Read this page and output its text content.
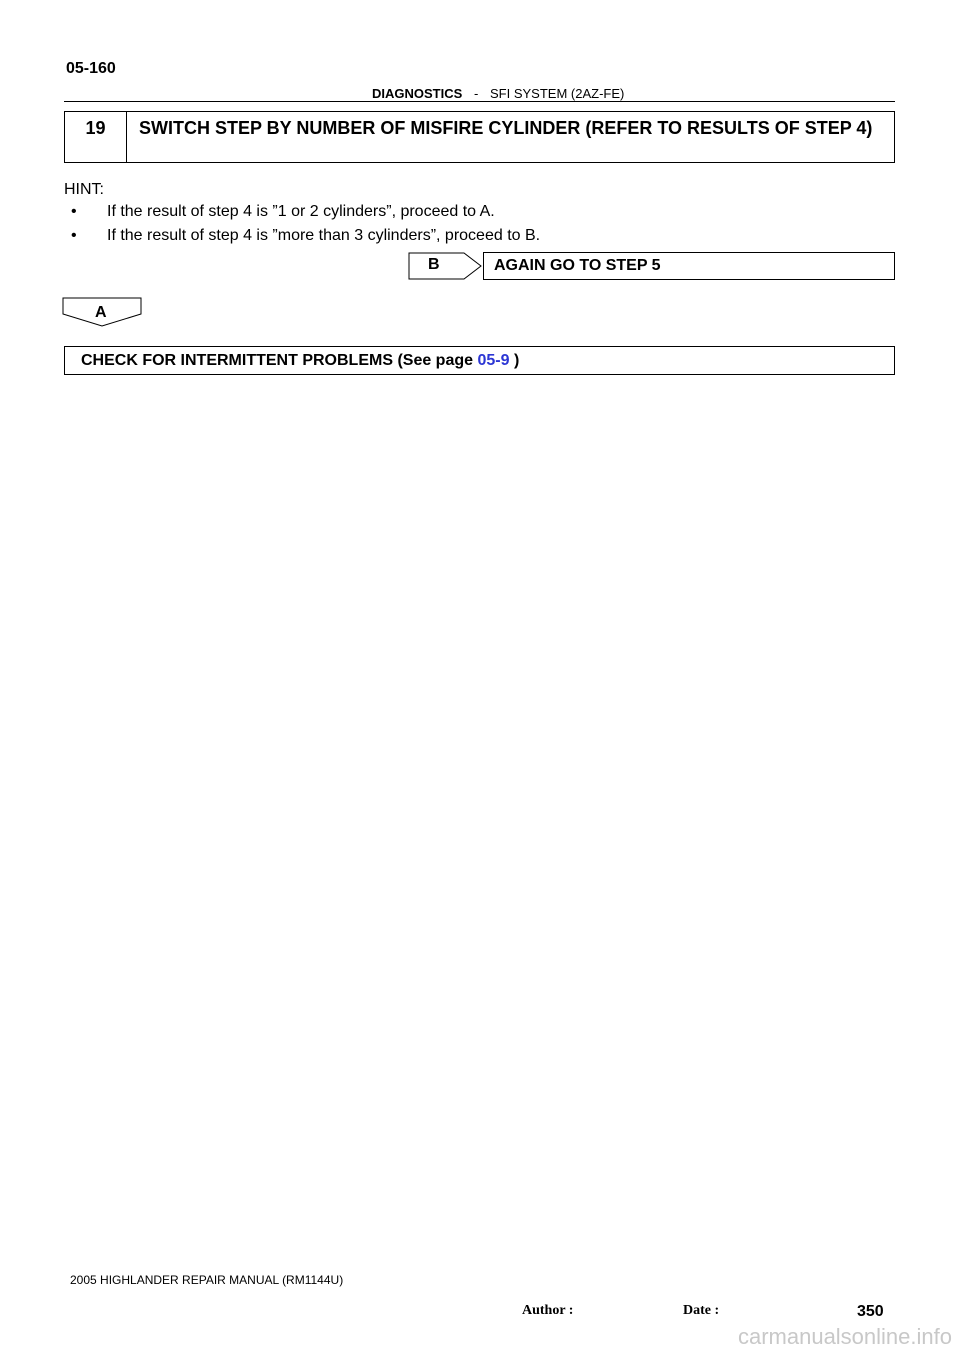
05-160
DIAGNOSTICS - SFI SYSTEM (2AZ-FE)
19	SWITCH STEP BY NUMBER OF MISFIRE CYLINDER (REFER TO RESULTS OF STEP 4)
HINT:
• If the result of step 4 is ”1 or 2 cylinders”, proceed to A.
• If the result of step 4 is ”more than 3 cylinders”, proceed to B.
B	AGAIN GO TO STEP 5
A
CHECK FOR INTERMITTENT PROBLEMS (See page 05-9 )
2005 HIGHLANDER REPAIR MANUAL (RM1144U)
Author :	Date :	350
carmanualsonline.info
